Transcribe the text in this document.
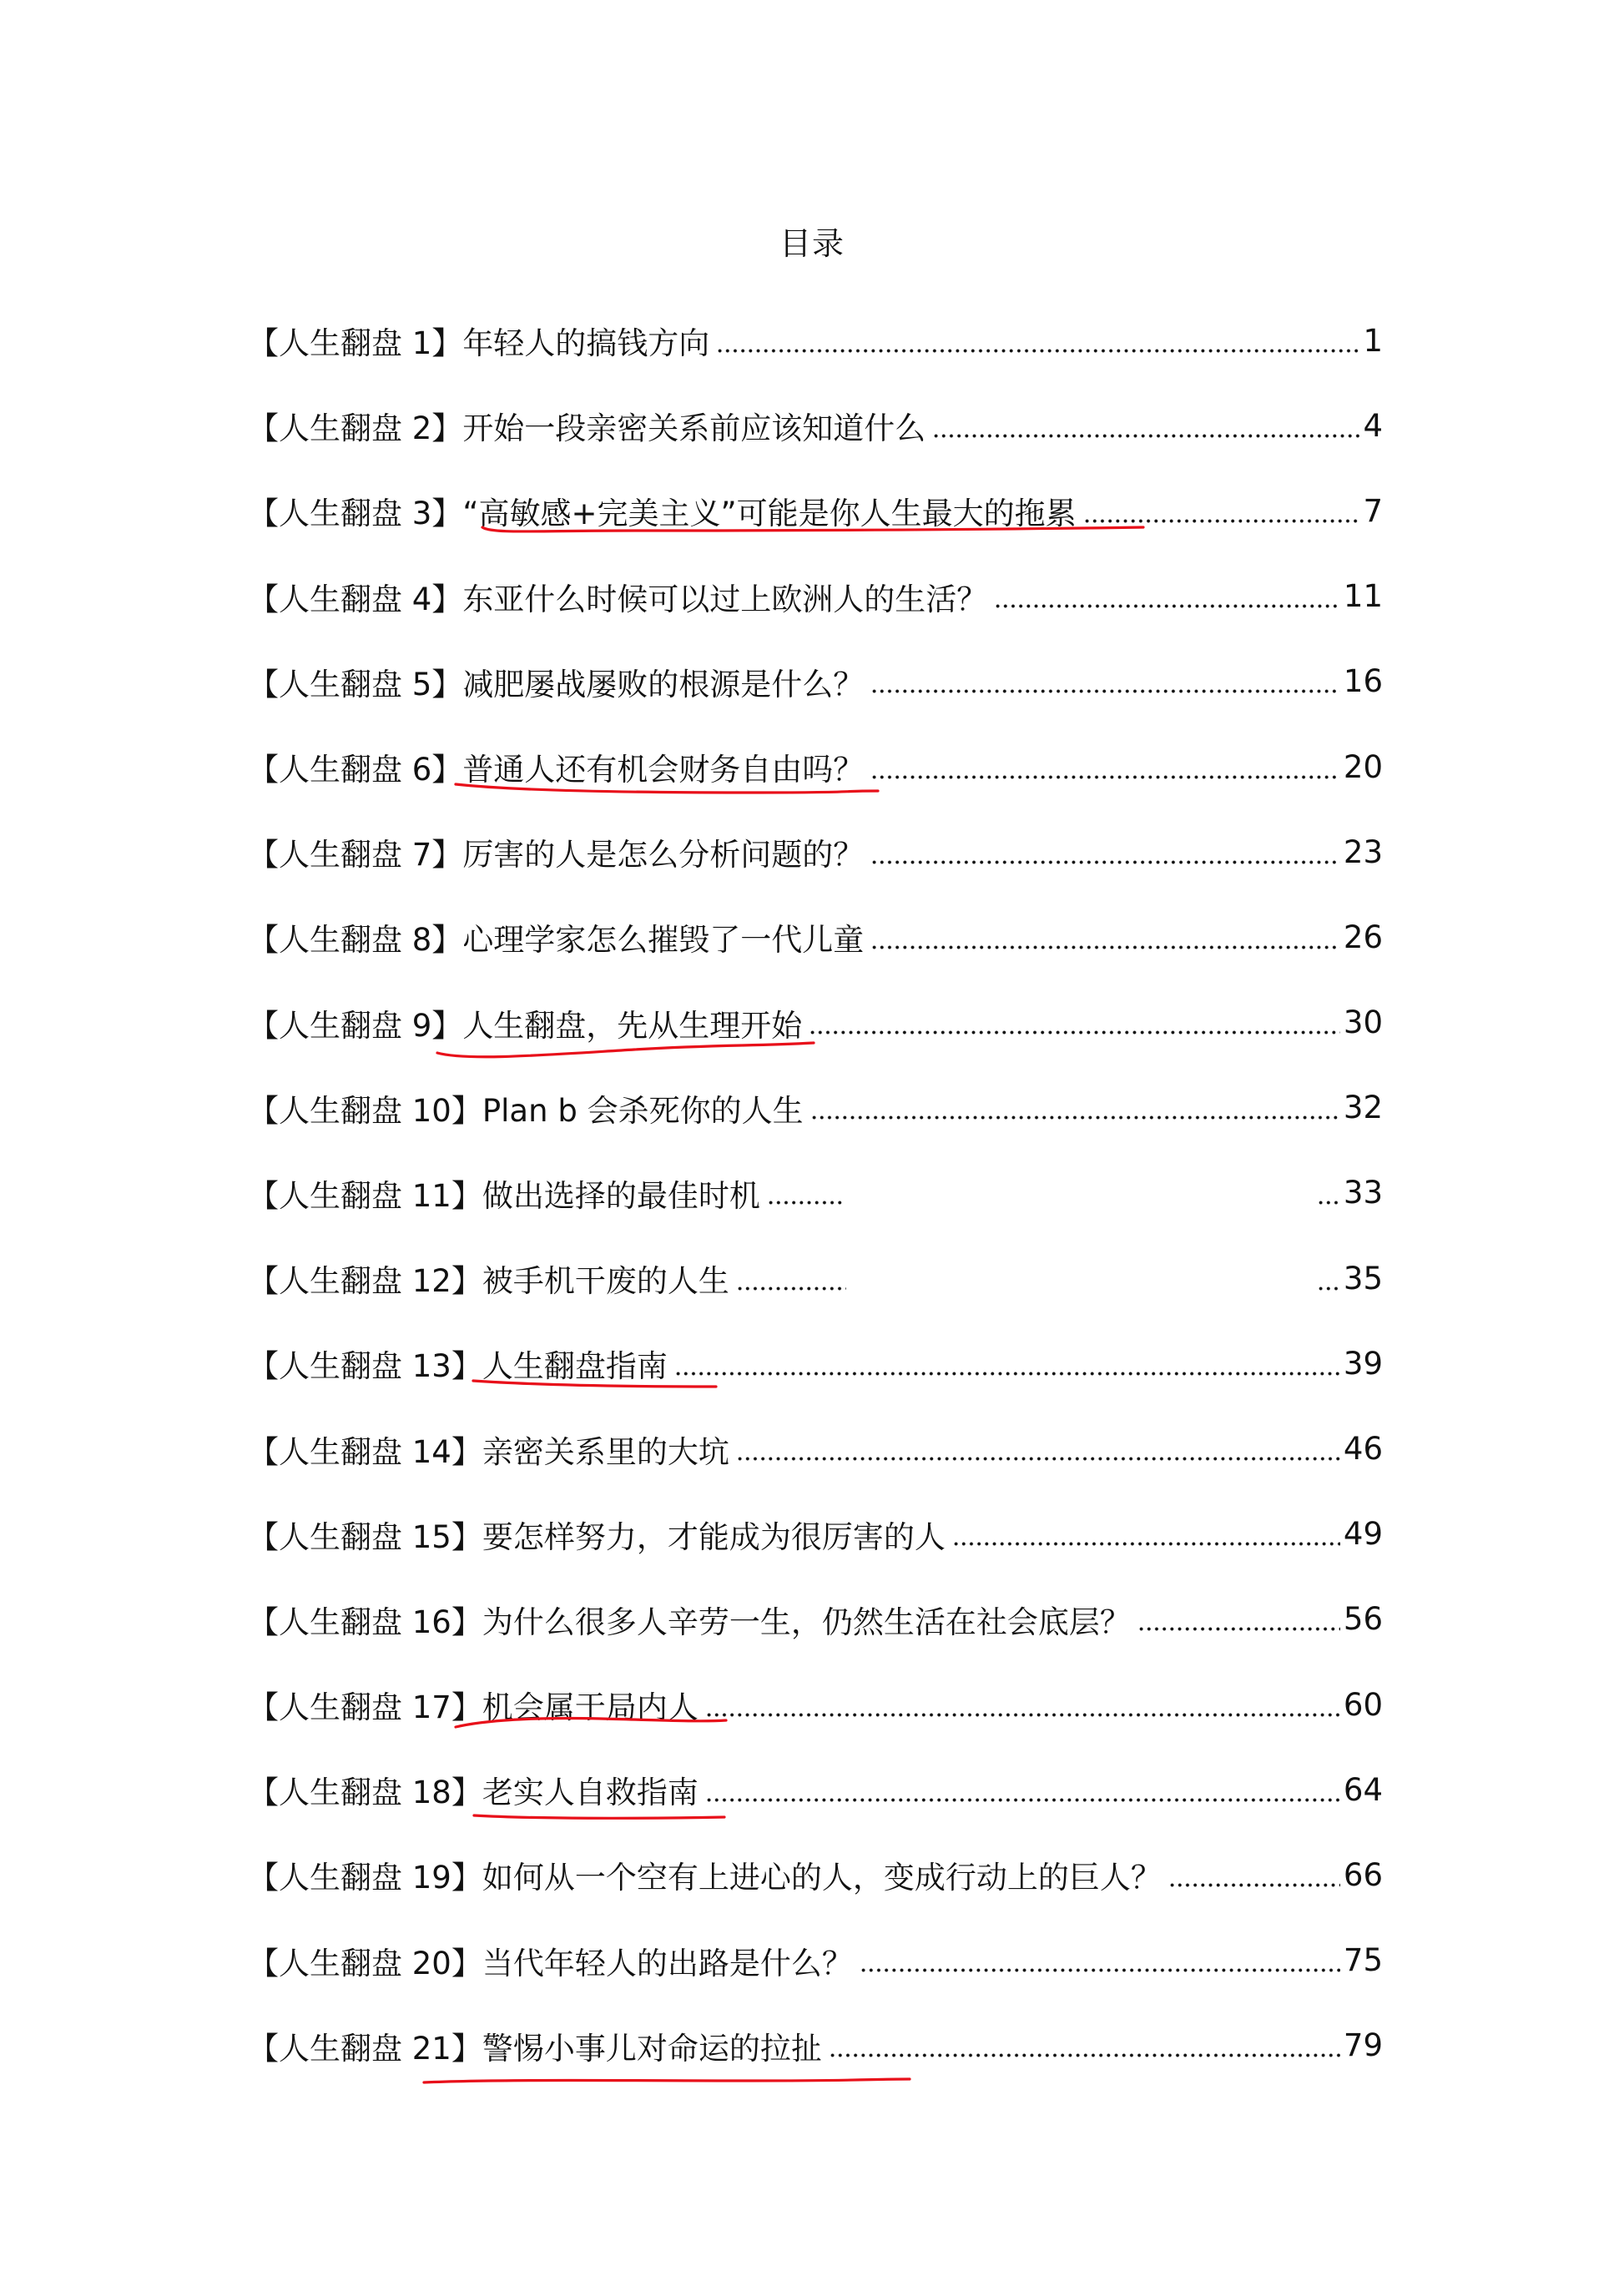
目录
【人生翻盘 1】 年轻人的搞钱方向	1
【人生翻盘 2】 开始一段亲密关系前应该知道什么	4
【人生翻盘 3】 “高敏感+完美主义”可能是你人生最大的拖累	7
【人生翻盘 4】 东亚什么时候可以过上欧洲人的生活？	11
【人生翻盘 5】 减肥屡战屡败的根源是什么？	16
【人生翻盘 6】 普通人还有机会财务自由吗？	20
【人生翻盘 7】 厉害的人是怎么分析问题的？	23
【人生翻盘 8】 心理学家怎么摧毁了一代儿童	26
【人生翻盘 9】 人生翻盘，先从生理开始	30
【人生翻盘 10】 Plan b 会杀死你的人生	32
【人生翻盘 11】 做出选择的最佳时机	33
【人生翻盘 12】 被手机干废的人生	35
【人生翻盘 13】 人生翻盘指南	39
【人生翻盘 14】 亲密关系里的大坑	46
【人生翻盘 15】 要怎样努力，才能成为很厉害的人	49
【人生翻盘 16】 为什么很多人辛劳一生，仍然生活在社会底层？	56
【人生翻盘 17】 机会属于局内人	60
【人生翻盘 18】 老实人自救指南	64
【人生翻盘 19】 如何从一个空有上进心的人，变成行动上的巨人？	66
【人生翻盘 20】 当代年轻人的出路是什么？	75
【人生翻盘 21】 警惕小事儿对命运的拉扯	79
